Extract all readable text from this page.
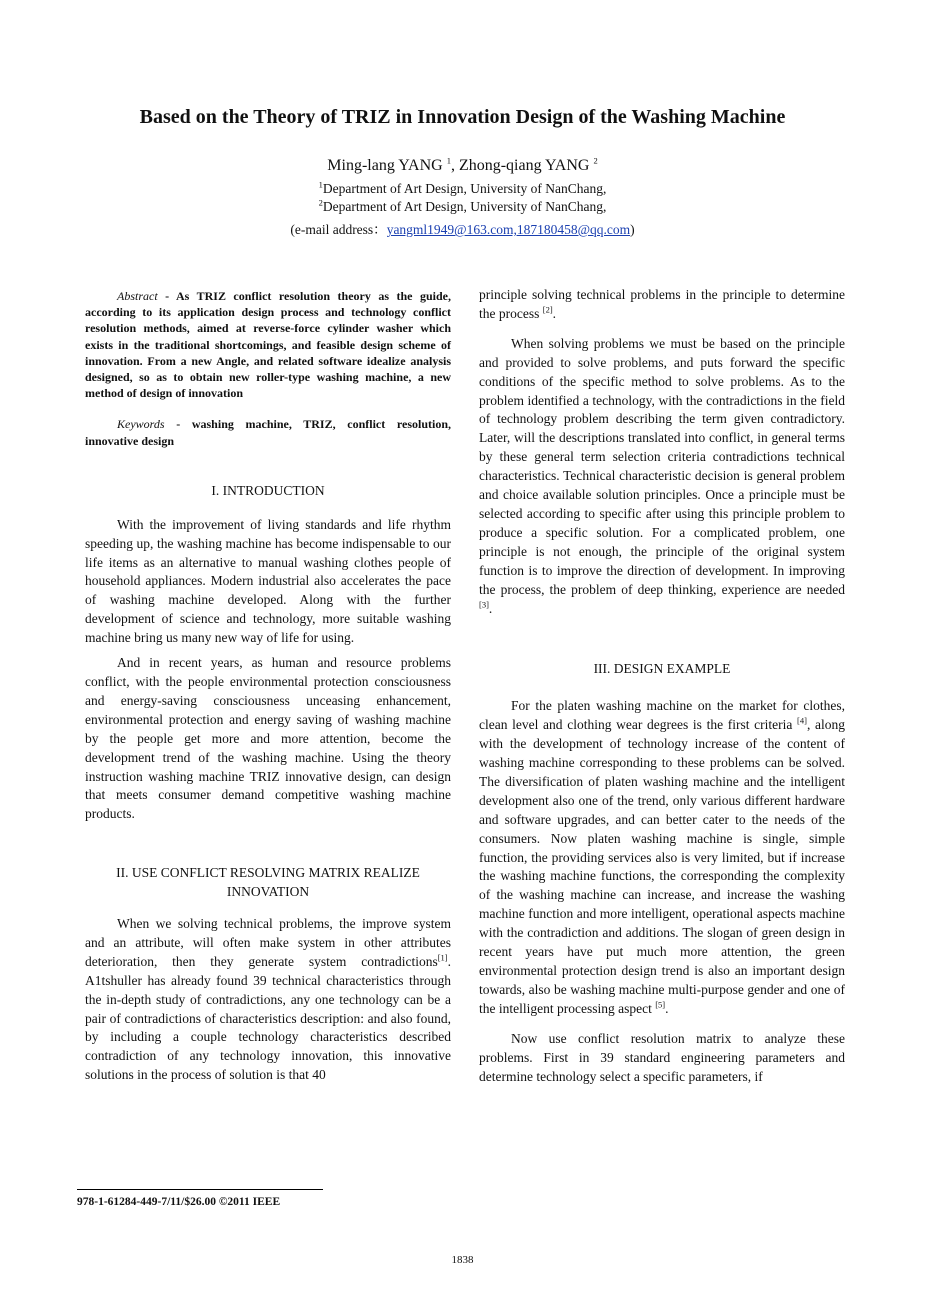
Based on the Theory of TRIZ in Innovation Design of the Washing Machine
Ming-lang YANG $^1$, Zhong-qiang YANG $^2$
$^1$Department of Art Design, University of NanChang,
$^2$Department of Art Design, University of NanChang,
(e-mail address：yangml1949@163.com,187180458@qq.com)

Abstract - As TRIZ conflict resolution theory as the guide, according to its application design process and technology conflict resolution methods, aimed at reverse-force cylinder washer which exists in the traditional shortcomings, and feasible design scheme of innovation. From a new Angle, and related software idealize analysis designed, so as to obtain new roller-type washing machine, a new method of design of innovation

Keywords - washing machine, TRIZ, conflict resolution, innovative design

I. INTRODUCTION

With the improvement of living standards and life rhythm speeding up, the washing machine has become indispensable to our life items as an alternative to manual washing clothes people of household appliances. Modern industrial also accelerates the pace of washing machine developed. Along with the further development of science and technology, more suitable washing machine bring us many new way of life for using.

And in recent years, as human and resource problems conflict, with the people environmental protection consciousness and energy-saving consciousness unceasing enhancement, environmental protection and energy saving of washing machine by the people get more and more attention, become the development trend of the washing machine. Using the theory instruction washing machine TRIZ innovative design, can design that meets consumer demand competitive washing machine products.

II. USE CONFLICT RESOLVING MATRIX REALIZE
INNOVATION

When we solving technical problems, the improve system and an attribute, will often make system in other attributes deterioration, then they generate system contradictions[1]. A1tshuller has already found 39 technical characteristics through the in-depth study of contradictions, any one technology can be a pair of contradictions of characteristics description: and also found, by including a couple technology characteristics described contradiction of any technology innovation, this innovative solutions in the process of solution is that 40

principle solving technical problems in the principle to determine the process [2].

When solving problems we must be based on the principle and provided to solve problems, and puts forward the specific conditions of the specific method to solve problems. As to the problem identified a technology, with the contradictions in the field of technology problem describing the term given contradictory. Later, will the descriptions translated into conflict, in general terms by these general term selection criteria contradictions technical characteristics. Technical characteristic decision is general problem and choice available solution principles. Once a principle must be selected according to specific after using this principle problem to produce a specific solution. For a complicated problem, one principle is not enough, the principle of the original system function is to improve the direction of development. In improving the process, the problem of deep thinking, experience are needed [3].

III. DESIGN EXAMPLE

For the platen washing machine on the market for clothes, clean level and clothing wear degrees is the first criteria [4], along with the development of technology increase of the content of washing machine corresponding to these problems can be solved. The diversification of platen washing machine and the intelligent development also one of the trend, only various different hardware and software upgrades, and can better cater to the needs of the consumers. Now platen washing machine is single, simple function, the providing services also is very limited, but if increase the washing machine functions, the corresponding the complexity of the washing machine can increase, and increase the washing machine function and more intelligent, operational aspects machine with the contradiction and additions. The slogan of green design in recent years have put much more attention, the green environmental protection design trend is also an important design towards, also be washing machine multi-purpose gender and one of the intelligent processing aspect [5].

Now use conflict resolution matrix to analyze these problems. First in 39 standard engineering parameters and determine technology select a specific parameters, if

978-1-61284-449-7/11/$26.00 ©2011 IEEE
1838
